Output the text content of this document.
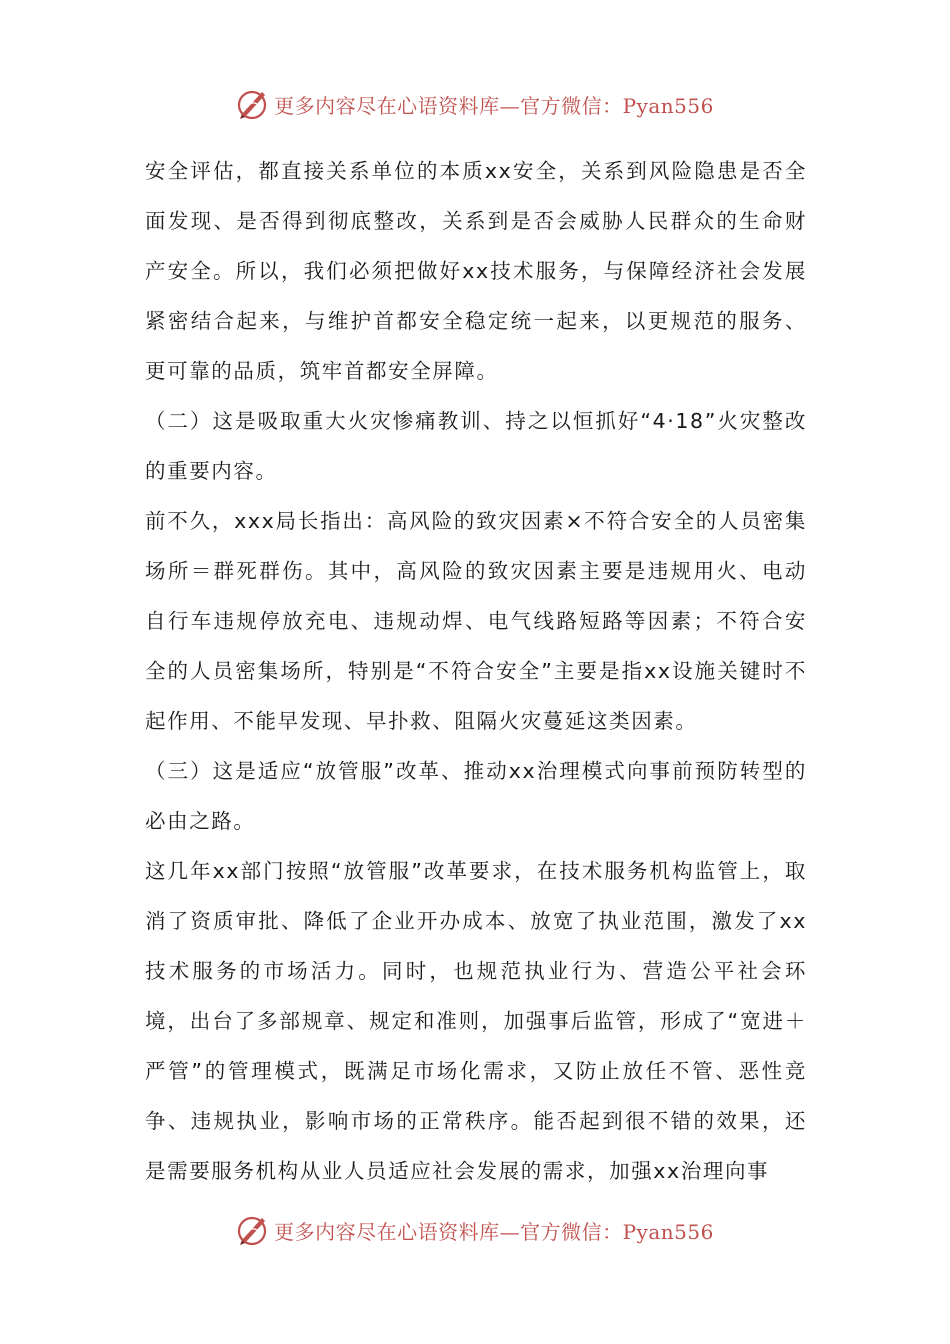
更多内容尽在心语资料库—官方微信：Pyan556

安全评估，都直接关系单位的本质xx安全，关系到风险隐患是否全面发现、是否得到彻底整改，关系到是否会威胁人民群众的生命财产安全。所以，我们必须把做好xx技术服务，与保障经济社会发展紧密结合起来，与维护首都安全稳定统一起来，以更规范的服务、更可靠的品质，筑牢首都安全屏障。

（二）这是吸取重大火灾惨痛教训、持之以恒抓好“4·18”火灾整改的重要内容。

前不久，xxx局长指出：高风险的致灾因素×不符合安全的人员密集场所＝群死群伤。其中，高风险的致灾因素主要是违规用火、电动自行车违规停放充电、违规动焊、电气线路短路等因素；不符合安全的人员密集场所，特别是“不符合安全”主要是指xx设施关键时不起作用、不能早发现、早扑救、阻隔火灾蔓延这类因素。

（三）这是适应“放管服”改革、推动xx治理模式向事前预防转型的必由之路。

这几年xx部门按照“放管服”改革要求，在技术服务机构监管上，取消了资质审批、降低了企业开办成本、放宽了执业范围，激发了xx技术服务的市场活力。同时，也规范执业行为、营造公平社会环境，出台了多部规章、规定和准则，加强事后监管，形成了“宽进＋严管”的管理模式，既满足市场化需求，又防止放任不管、恶性竞争、违规执业，影响市场的正常秩序。能否起到很不错的效果，还是需要服务机构从业人员适应社会发展的需求，加强xx治理向事

更多内容尽在心语资料库—官方微信：Pyan556
